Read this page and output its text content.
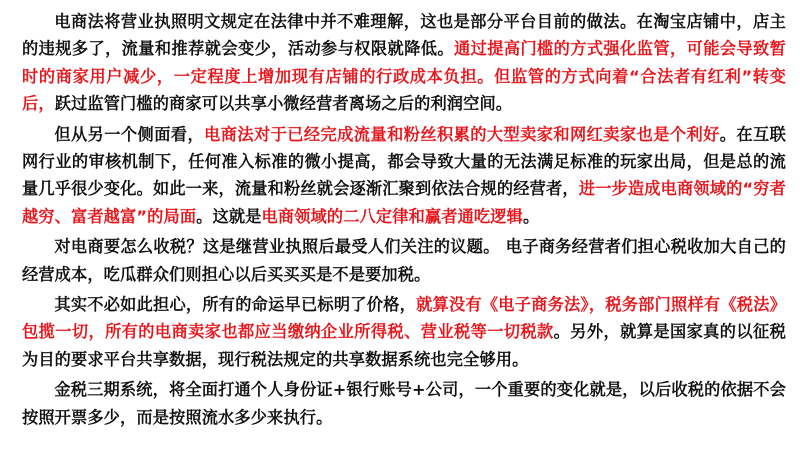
电商法将营业执照明文规定在法律中并不难理解，这也是部分平台目前的做法。在淘宝店铺中，店主的违规多了，流量和推荐就会变少，活动参与权限就降低。通过提高门槛的方式强化监管，可能会导致暂时的商家用户减少，一定程度上增加现有店铺的行政成本负担。但监管的方式向着“合法者有红利”转变后，跃过监管门槛的商家可以共享小微经营者离场之后的利润空间。

但从另一个侧面看，电商法对于已经完成流量和粉丝积累的大型卖家和网红卖家也是个利好。在互联网行业的审核机制下，任何准入标准的微小提高，都会导致大量的无法满足标准的玩家出局，但是总的流量几乎很少变化。如此一来，流量和粉丝就会逐渐汇聚到依法合规的经营者，进一步造成电商领域的“穷者越穷、富者越富”的局面。这就是电商领域的二八定律和赢者通吃逻辑。

对电商要怎么收税？这是继营业执照后最受人们关注的议题。 电子商务经营者们担心税收加大自己的经营成本，吃瓜群众们则担心以后买买买是不是要加税。

其实不必如此担心，所有的命运早已标明了价格，就算没有《电子商务法》，税务部门照样有《税法》包揽一切，所有的电商卖家也都应当缴纳企业所得税、营业税等一切税款。另外，就算是国家真的以征税为目的要求平台共享数据，现行税法规定的共享数据系统也完全够用。

金税三期系统，将全面打通个人身份证+银行账号+公司，一个重要的变化就是，以后收税的依据不会按照开票多少，而是按照流水多少来执行。
